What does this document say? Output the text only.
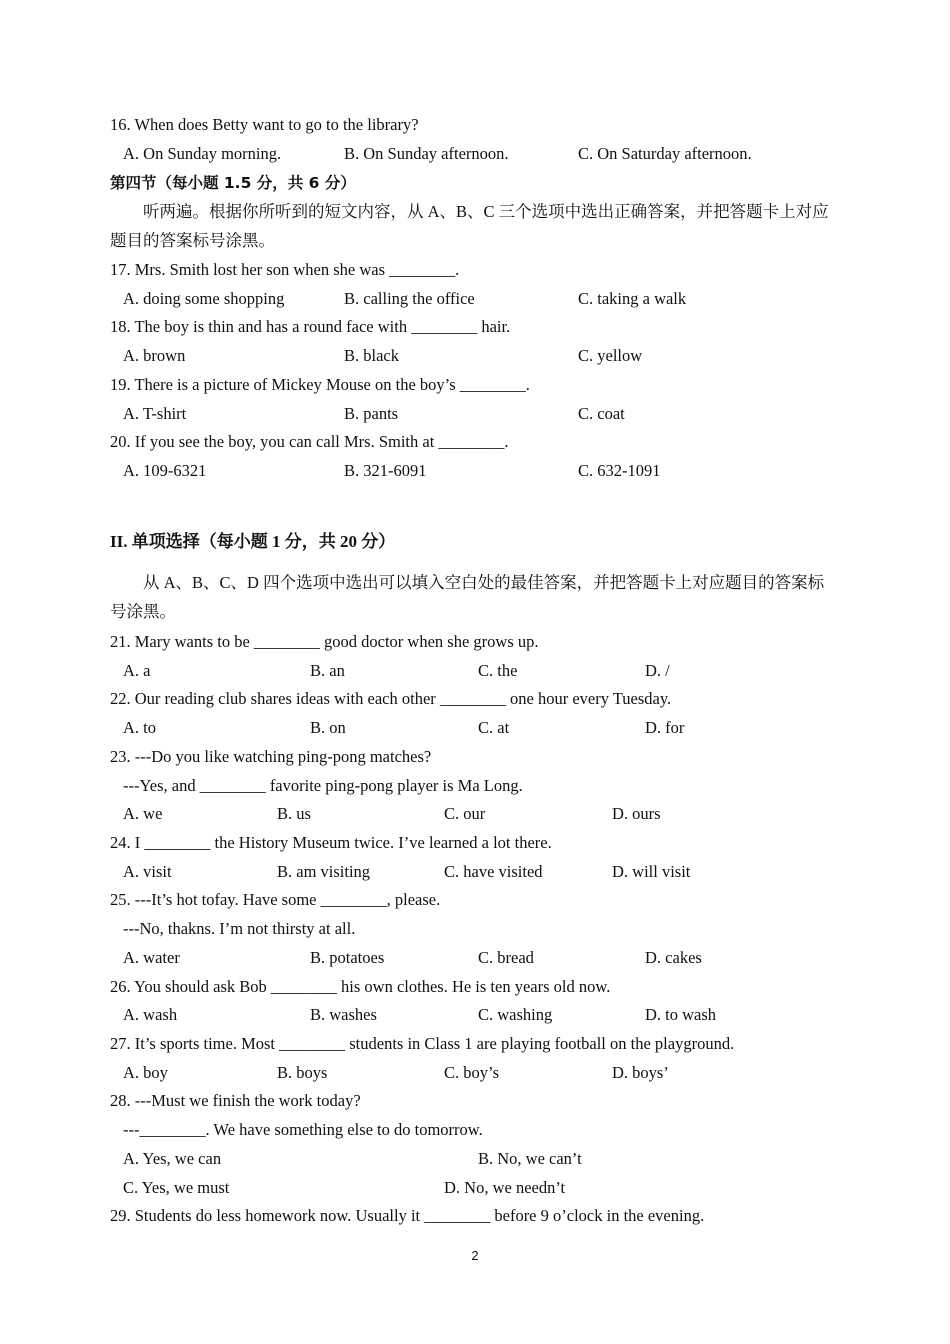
16. When does Betty want to go to the library?
A. On Sunday morning.	B. On Sunday afternoon.	C. On Saturday afternoon.
第四节（每小题 1.5 分，共 6 分）
听两遍。根据你所听到的短文内容，从 A、B、C 三个选项中选出正确答案，并把答题卡上对应
题目的答案标号涂黑。
17. Mrs. Smith lost her son when she was ________.
A. doing some shopping	B. calling the office	C. taking a walk
18. The boy is thin and has a round face with ________ hair.
A. brown	B. black	C. yellow
19. There is a picture of Mickey Mouse on the boy’s ________.
A. T-shirt	B. pants	C. coat
20. If you see the boy, you can call Mrs. Smith at ________.
A. 109-6321	B. 321-6091	C. 632-1091
II. 单项选择（每小题 1 分，共 20 分）
从 A、B、C、D 四个选项中选出可以填入空白处的最佳答案，并把答题卡上对应题目的答案标
号涂黑。
21. Mary wants to be ________ good doctor when she grows up.
A. a	B. an	C. the	D. /
22. Our reading club shares ideas with each other ________ one hour every Tuesday.
A. to	B. on	C. at	D. for
23. ---Do you like watching ping-pong matches?
---Yes, and ________ favorite ping-pong player is Ma Long.
A. we	B. us	C. our	D. ours
24. I ________ the History Museum twice. I’ve learned a lot there.
A. visit	B. am visiting	C. have visited	D. will visit
25. ---It’s hot tofay. Have some ________, please.
---No, thakns. I’m not thirsty at all.
A. water	B. potatoes	C. bread	D. cakes
26. You should ask Bob ________ his own clothes. He is ten years old now.
A. wash	B. washes	C. washing	D. to wash
27. It’s sports time. Most ________ students in Class 1 are playing football on the playground.
A. boy	B. boys	C. boy’s	D. boys’
28. ---Must we finish the work today?
---________. We have something else to do tomorrow.
A. Yes, we can	B. No, we can’t
C. Yes, we must	D. No, we needn’t
29. Students do less homework now. Usually it ________ before 9 o’clock in the evening.
2
